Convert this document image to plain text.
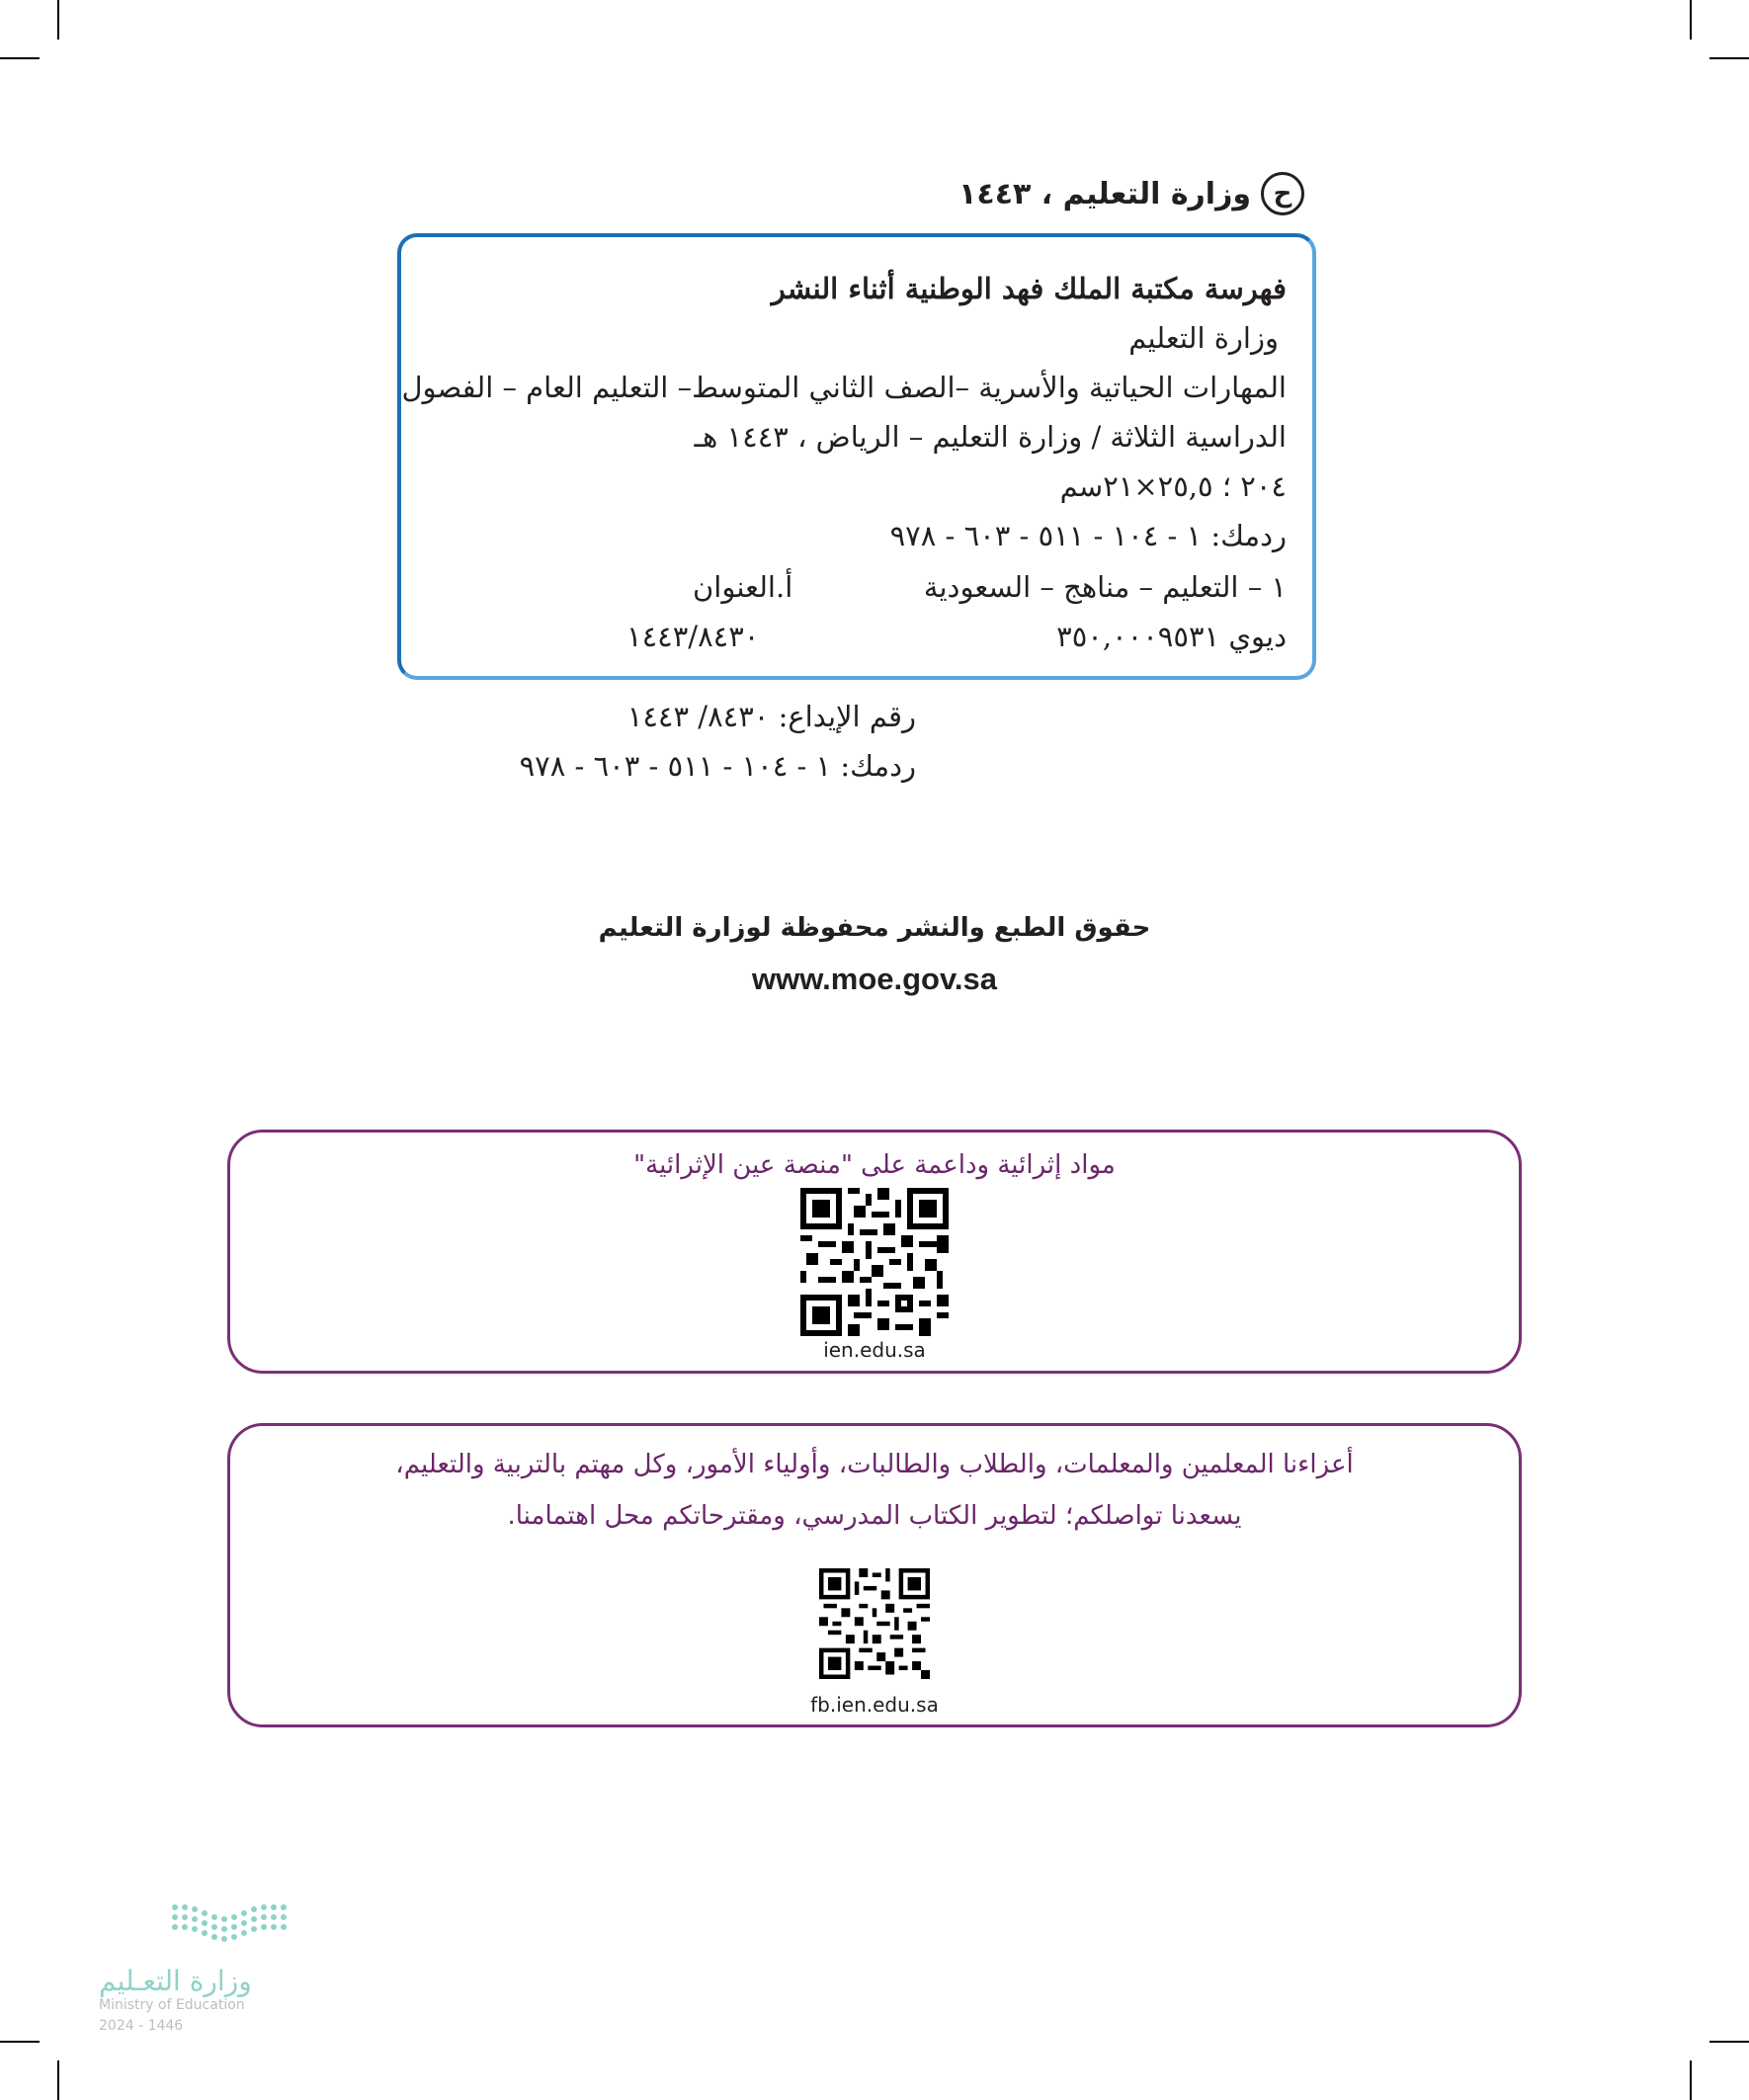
ح
وزارة التعليم ، ١٤٤٣
فهرسة مكتبة الملك فهد الوطنية أثناء النشر
وزارة التعليم
المهارات الحياتية والأسرية –الصف الثاني المتوسط– التعليم العام – الفصول
الدراسية الثلاثة / وزارة التعليم – الرياض ، ١٤٤٣ هـ
٢٠٤ ؛ ٢٥,٥×٢١سم
ردمك: ١ - ١٠٤ - ٥١١ - ٦٠٣ - ٩٧٨
١ – التعليم – مناهج – السعودية
أ.العنوان
ديوي ٣٥٠,٠٠٠٩٥٣١
١٤٤٣/٨٤٣٠
رقم الإيداع: ٨٤٣٠/ ١٤٤٣
ردمك: ١ - ١٠٤ - ٥١١ - ٦٠٣ - ٩٧٨
حقوق الطبع والنشر محفوظة لوزارة التعليم
www.moe.gov.sa
مواد إثرائية وداعمة على "منصة عين الإثرائية"
ien.edu.sa
أعزاءنا المعلمين والمعلمات، والطلاب والطالبات، وأولياء الأمور، وكل مهتم بالتربية والتعليم،
يسعدنا تواصلكم؛ لتطوير الكتاب المدرسي، ومقترحاتكم محل اهتمامنا.
fb.ien.edu.sa
وزارة التعـليم
Ministry of Education
2024 - 1446
